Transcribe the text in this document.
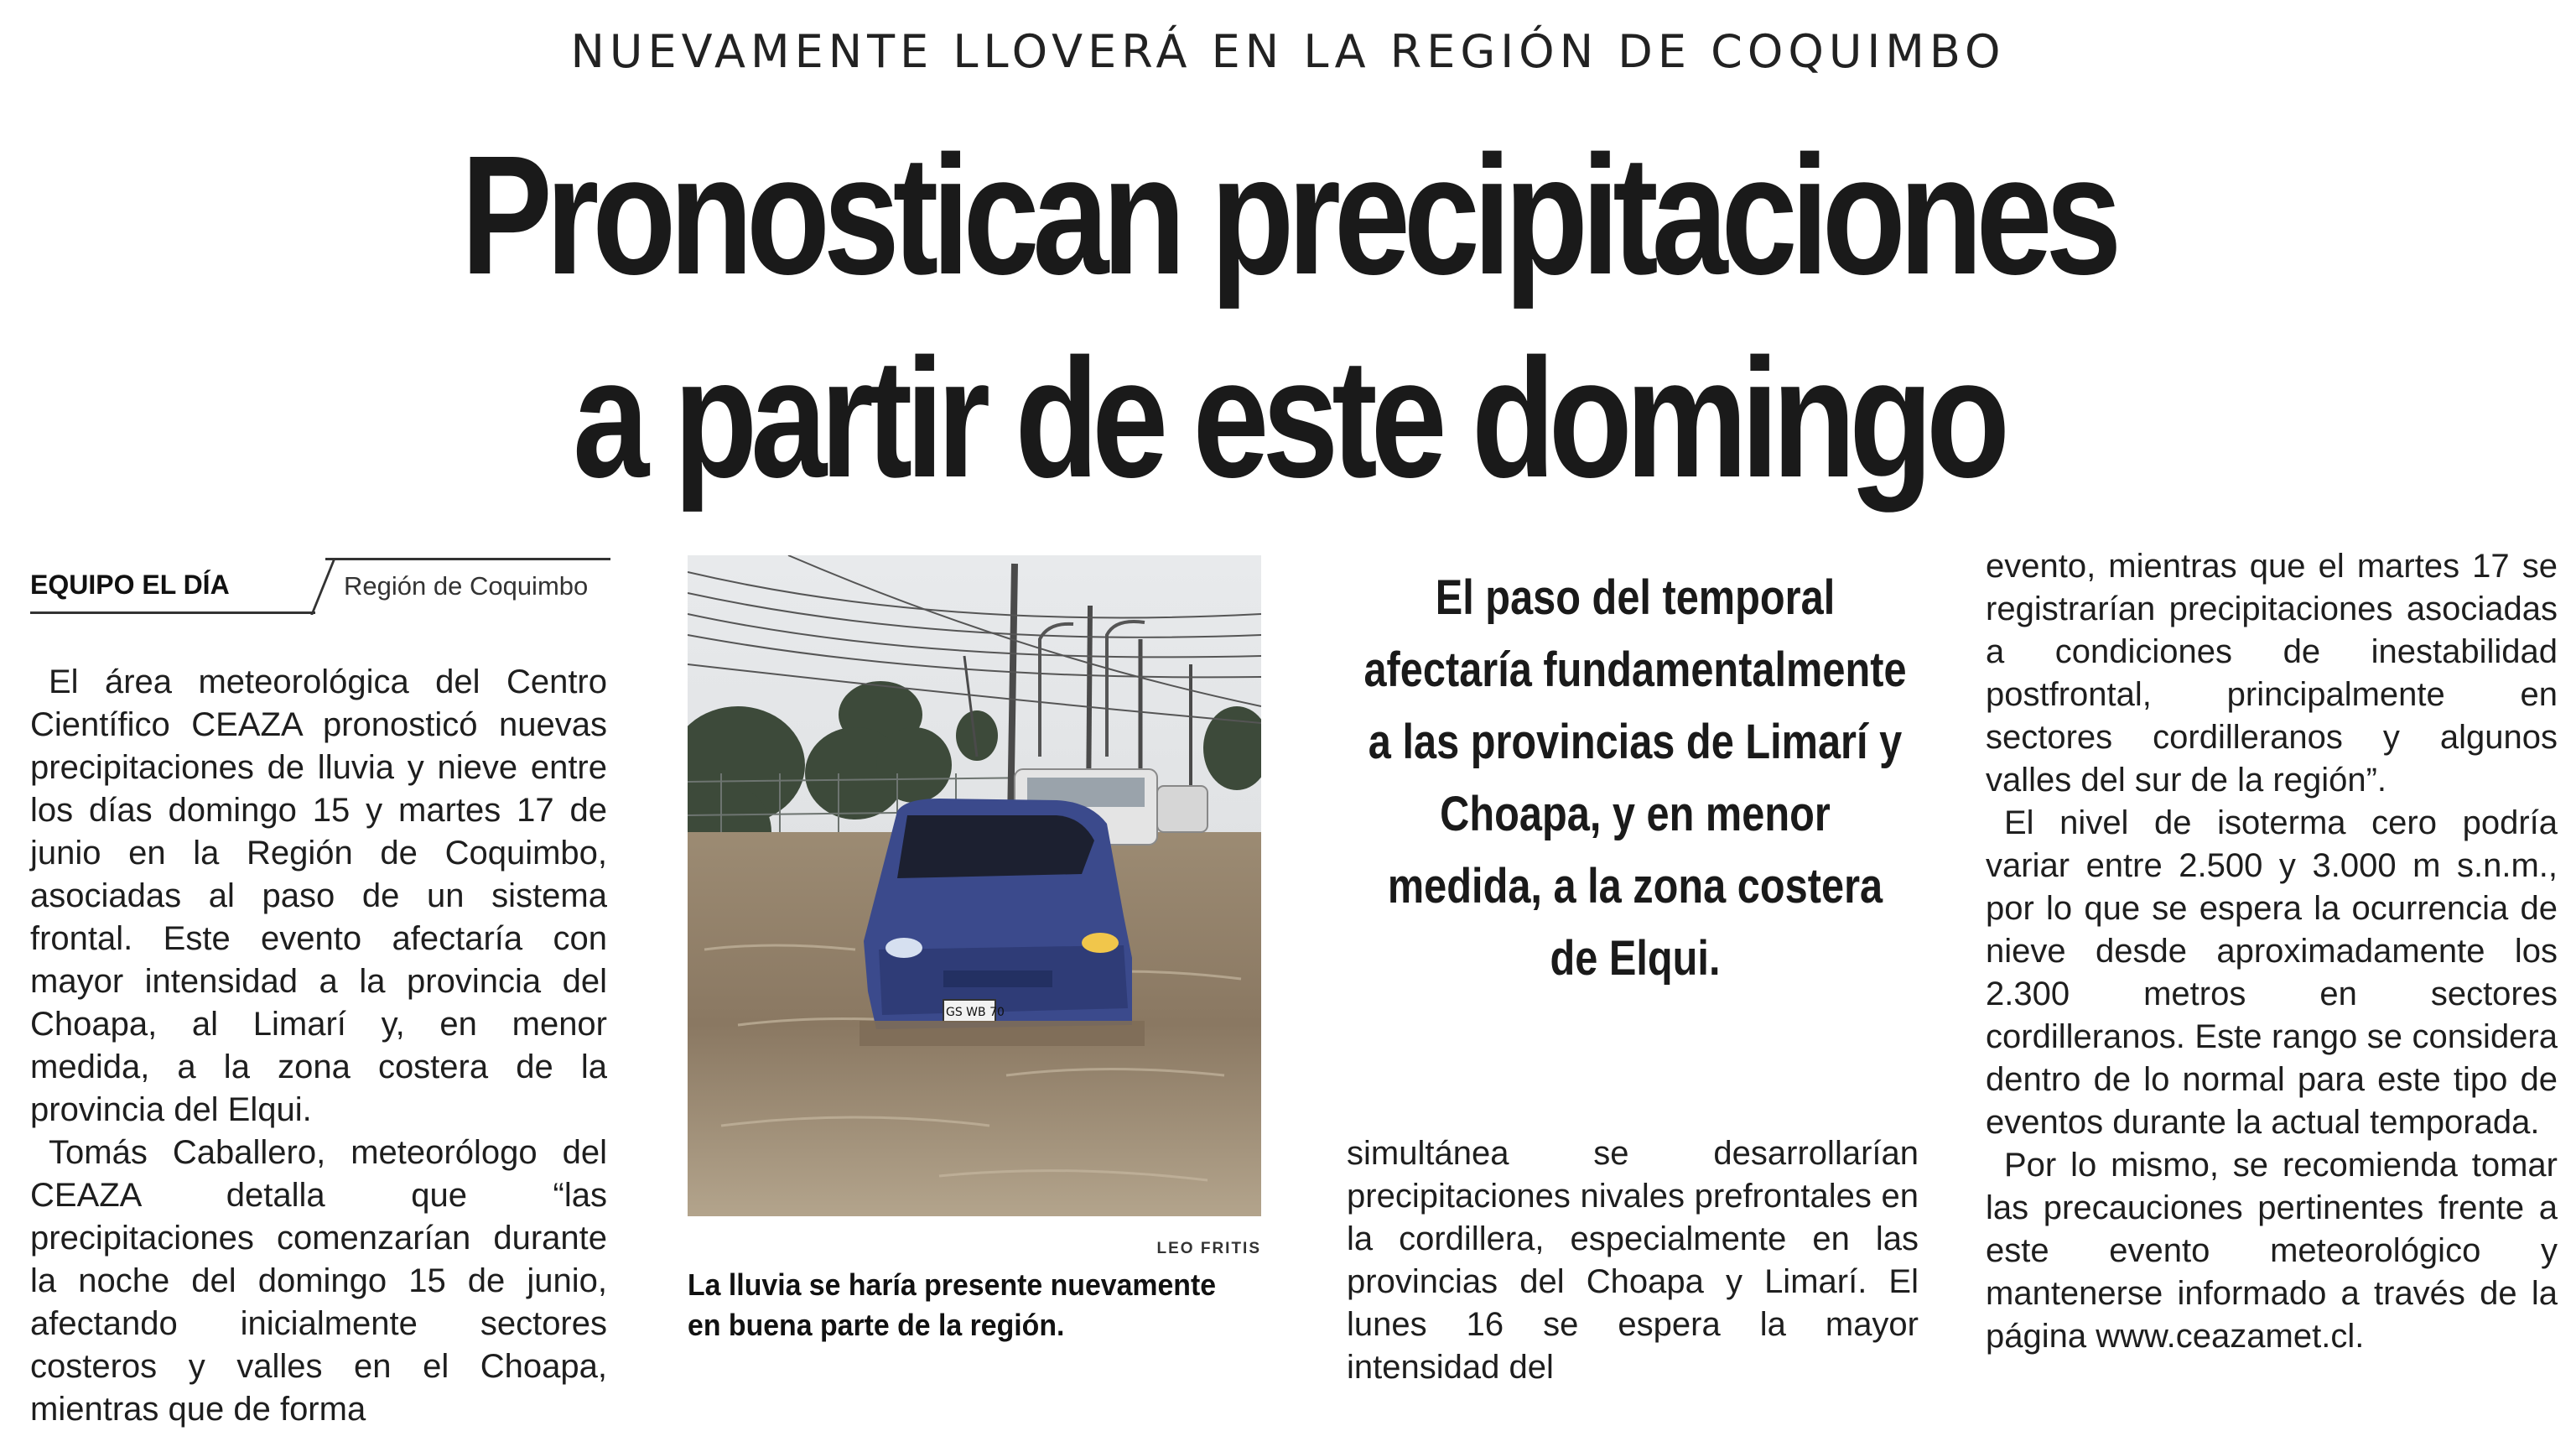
NUEVAMENTE LLOVERÁ EN LA REGIÓN DE COQUIMBO
Pronostican precipitaciones
a partir de este domingo
EQUIPO EL DÍA	Región de Coquimbo

El área meteorológica del Centro Científico CEAZA pronosticó nuevas precipitaciones de lluvia y nieve entre los días domingo 15 y martes 17 de junio en la Región de Coquimbo, asociadas al paso de un sistema frontal. Este evento afectaría con mayor intensidad a la provincia del Choapa, al Limarí y, en menor medida, a la zona costera de la provincia del Elqui.

Tomás Caballero, meteorólogo del CEAZA detalla que “las precipitaciones comenzarían durante la noche del domingo 15 de junio, afectando inicialmente sectores costeros y valles en el Choapa, mientras que de forma

GS WB 70
LEO FRITIS
La lluvia se haría presente nuevamente en buena parte de la región.
El paso del temporal afectaría fundamentalmente a las provincias de Limarí y Choapa, y en menor medida, a la zona costera de Elqui.

simultánea se desarrollarían precipitaciones nivales prefrontales en la cordillera, especialmente en las provincias del Choapa y Limarí. El lunes 16 se espera la mayor intensidad del

evento, mientras que el martes 17 se registrarían precipitaciones asociadas a condiciones de inestabilidad postfrontal, principalmente en sectores cordilleranos y algunos valles del sur de la región”.

El nivel de isoterma cero podría variar entre 2.500 y 3.000 m s.n.m., por lo que se espera la ocurrencia de nieve desde aproximadamente los 2.300 metros en sectores cordilleranos. Este rango se considera dentro de lo normal para este tipo de eventos durante la actual temporada.

Por lo mismo, se recomienda tomar las precauciones pertinentes frente a este evento meteorológico y mantenerse informado a través de la página www.ceazamet.cl.
